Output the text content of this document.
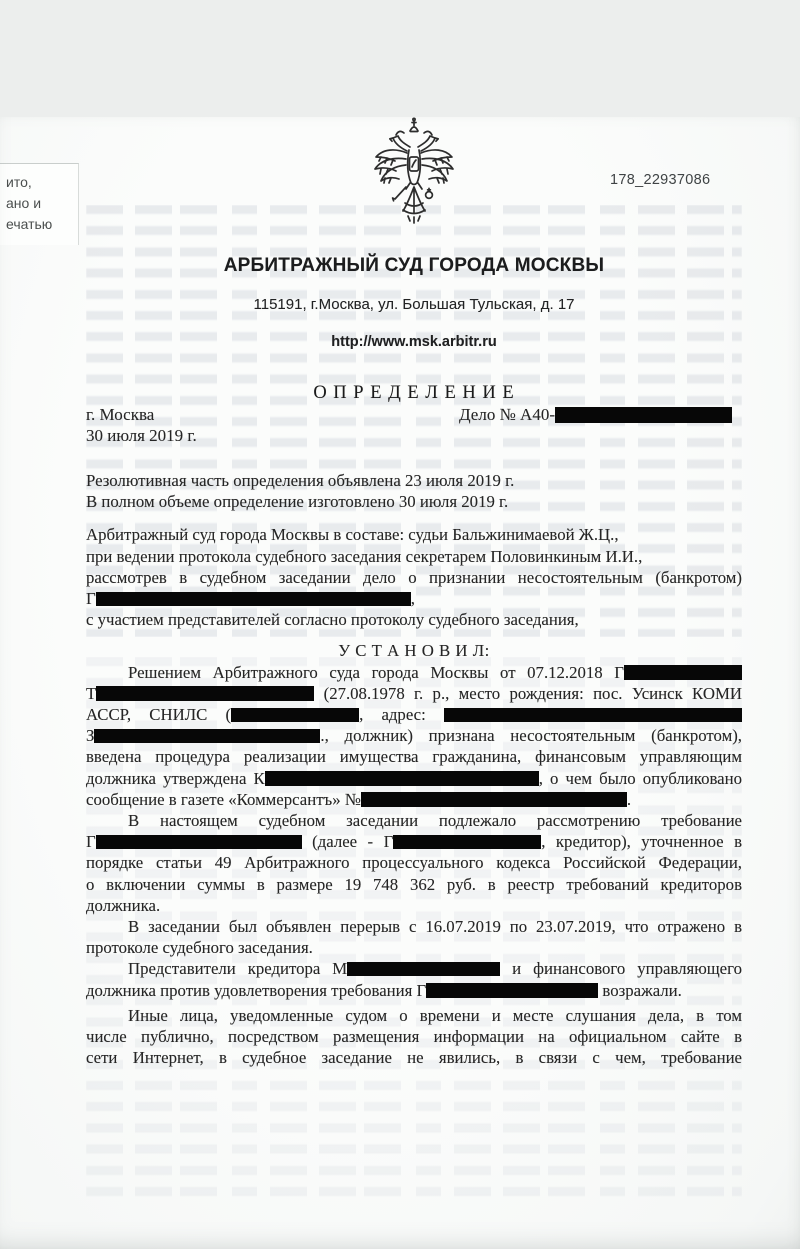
ито,
ано и
ечатью
178_22937086
АРБИТРАЖНЫЙ СУД ГОРОДА МОСКВЫ
115191, г.Москва, ул. Большая Тульская, д. 17
http://www.msk.arbitr.ru
О П Р Е Д Е Л Е Н И Е
г. Москва	Дело № А40-
30 июля 2019 г.
Резолютивная часть определения объявлена 23 июля 2019 г.
В полном объеме определение изготовлено 30 июля 2019 г.
Арбитражный суд города Москвы в составе: судьи Бальжинимаевой Ж.Ц.,
при ведении протокола судебного заседания секретарем Половинкиным И.И.,
рассмотрев в судебном заседании дело о признании несостоятельным (банкротом)
Г	,
с участием представителей согласно протоколу судебного заседания,
У С Т А Н О В И Л:
Решением Арбитражного суда города Москвы от 07.12.2018 Г
Т	(27.08.1978 г. р., место рождения: пос. Усинск КОМИ
АССР, СНИЛС (	, адрес:
З	., должник) признана несостоятельным (банкротом),
введена процедура реализации имущества гражданина, финансовым управляющим
должника утверждена К	, о чем было опубликовано
сообщение в газете «Коммерсантъ» №	.
В настоящем судебном заседании подлежало рассмотрению требование
Г	(далее - Г	, кредитор), уточненное в
порядке статьи 49 Арбитражного процессуального кодекса Российской Федерации,
о включении суммы в размере 19 748 362 руб. в реестр требований кредиторов
должника.
В заседании был объявлен перерыв с 16.07.2019 по 23.07.2019, что отражено в
протоколе судебного заседания.
Представители кредитора М	и финансового управляющего
должника против удовлетворения требования Г	возражали.
Иные лица, уведомленные судом о времени и месте слушания дела, в том
числе публично, посредством размещения информации на официальном сайте в
сети Интернет, в судебное заседание не явились, в связи с чем, требование
